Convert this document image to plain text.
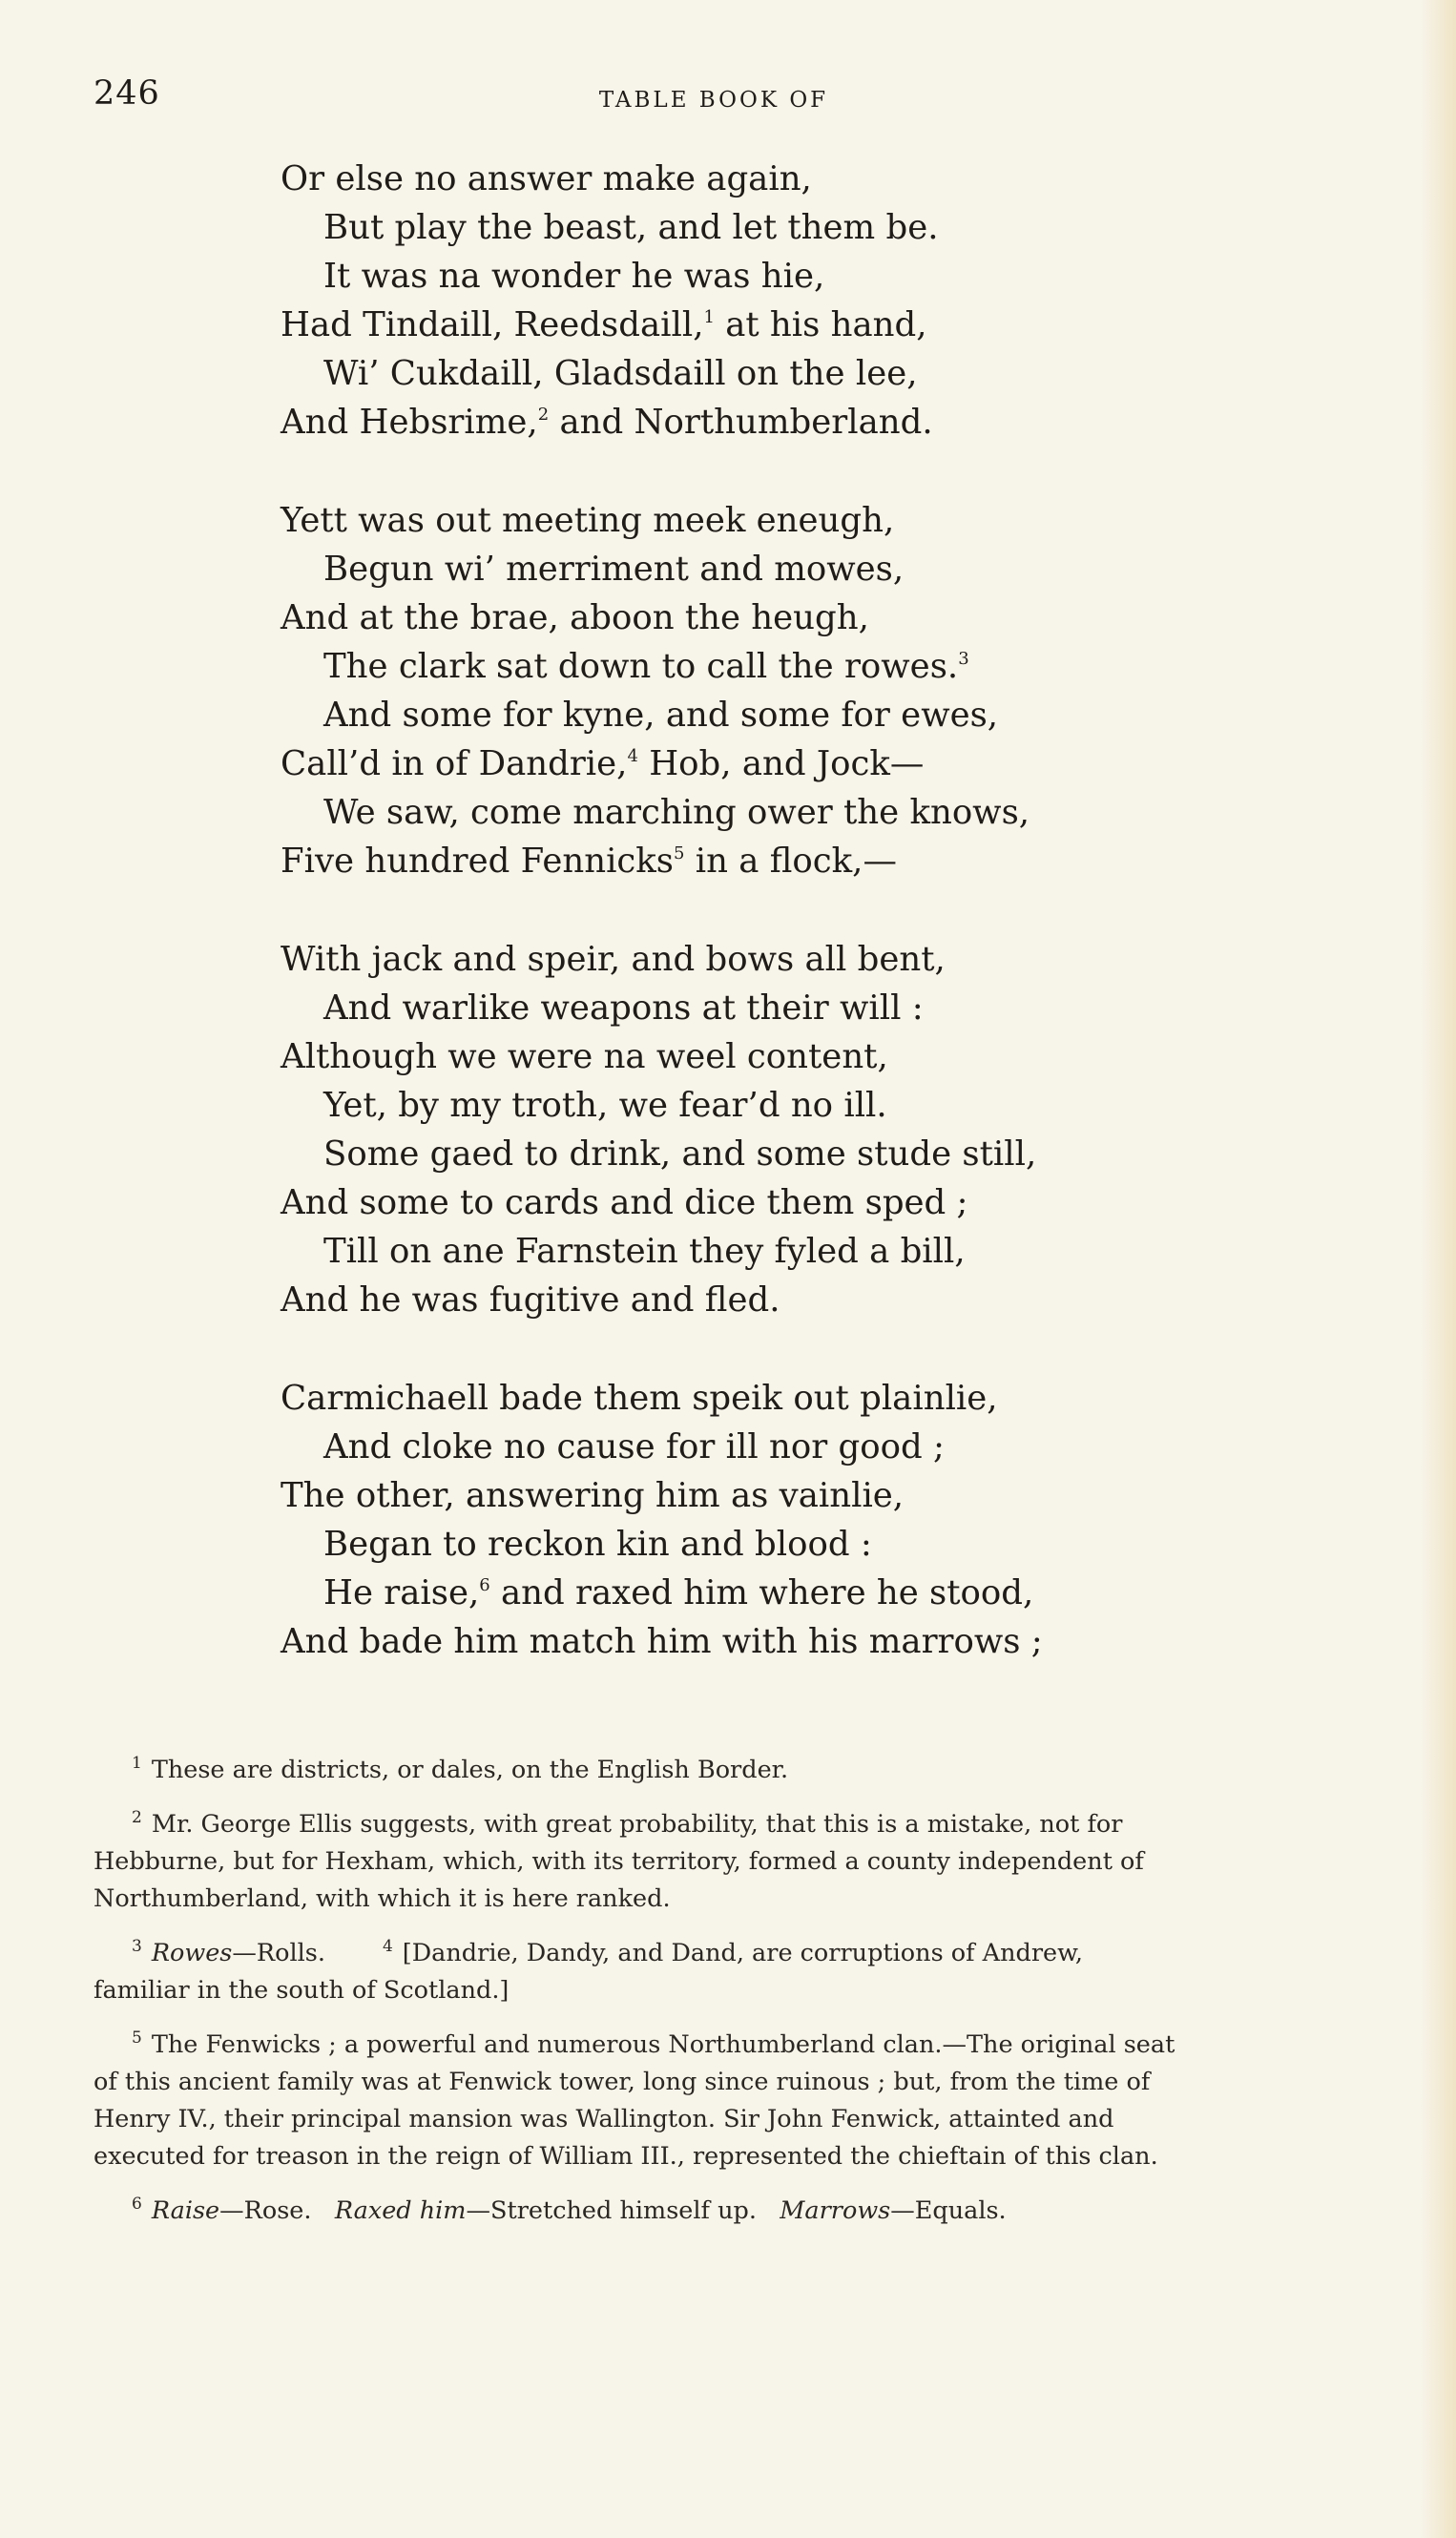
246	TABLE BOOK OF
Or else no answer make again,
But play the beast, and let them be.
It was na wonder he was hie,
Had Tindaill, Reedsdaill,$^1$ at his hand,
Wi’ Cukdaill, Gladsdaill on the lee,
And Hebsrime,$^2$ and Northumberland.
Yett was out meeting meek eneugh,
Begun wi’ merriment and mowes,
And at the brae, aboon the heugh,
The clark sat down to call the rowes.$^3$
And some for kyne, and some for ewes,
Call’d in of Dandrie,$^4$ Hob, and Jock—
We saw, come marching ower the knows,
Five hundred Fennicks$^5$ in a flock,—
With jack and speir, and bows all bent,
And warlike weapons at their will :
Although we were na weel content,
Yet, by my troth, we fear’d no ill.
Some gaed to drink, and some stude still,
And some to cards and dice them sped ;
Till on ane Farnstein they fyled a bill,
And he was fugitive and fled.
Carmichaell bade them speik out plainlie,
And cloke no cause for ill nor good ;
The other, answering him as vainlie,
Began to reckon kin and blood :
He raise,$^6$ and raxed him where he stood,
And bade him match him with his marrows ;
$^1$ These are districts, or dales, on the English Border.
$^2$ Mr. George Ellis suggests, with great probability, that this is a mistake, not for
Hebburne, but for Hexham, which, with its territory, formed a county independent of
Northumberland, with which it is here ranked.
$^3$ Rowes—Rolls.	$^4$ [Dandrie, Dandy, and Dand, are corruptions of Andrew,
familiar in the south of Scotland.]
$^5$ The Fenwicks ; a powerful and numerous Northumberland clan.—The original seat
of this ancient family was at Fenwick tower, long since ruinous ; but, from the time of
Henry IV., their principal mansion was Wallington. Sir John Fenwick, attainted and
executed for treason in the reign of William III., represented the chieftain of this clan.
$^6$ Raise—Rose. Raxed him—Stretched himself up. Marrows—Equals.
